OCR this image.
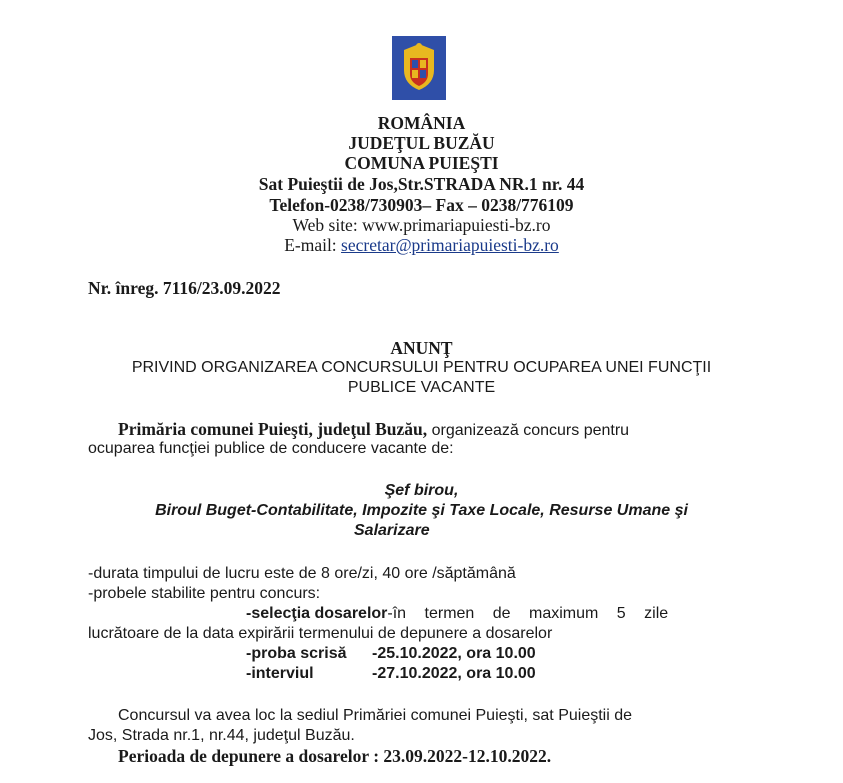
ROMÂNIA
JUDEŢUL BUZĂU
COMUNA PUIEŞTI
Sat Puieştii de Jos,Str.STRADA NR.1 nr. 44
Telefon-0238/730903– Fax – 0238/776109
Web site: www.primariapuiesti-bz.ro
E-mail: secretar@primariapuiesti-bz.ro
Nr. înreg. 7116/23.09.2022
ANUNŢ
PRIVIND ORGANIZAREA CONCURSULUI PENTRU OCUPAREA UNEI FUNCŢII
PUBLICE VACANTE
Primăria comunei Puieşti, judeţul Buzău, organizează concurs pentru
ocuparea funcţiei publice de conducere vacante de:
Şef birou,
Biroul Buget-Contabilitate, Impozite şi Taxe Locale, Resurse Umane şi
Salarizare
-durata timpului de lucru este de 8 ore/zi, 40 ore /săptămână
-probele stabilite pentru concurs:
-selecţia dosarelor-în termen de maximum 5 zile
lucrătoare de la data expirării termenului de depunere a dosarelor
-proba scrisă -25.10.2022, ora 10.00
-interviul	-27.10.2022, ora 10.00
Concursul va avea loc la sediul Primăriei comunei Puieşti, sat Puieştii de
Jos, Strada nr.1, nr.44, judeţul Buzău.
Perioada de depunere a dosarelor : 23.09.2022-12.10.2022.
